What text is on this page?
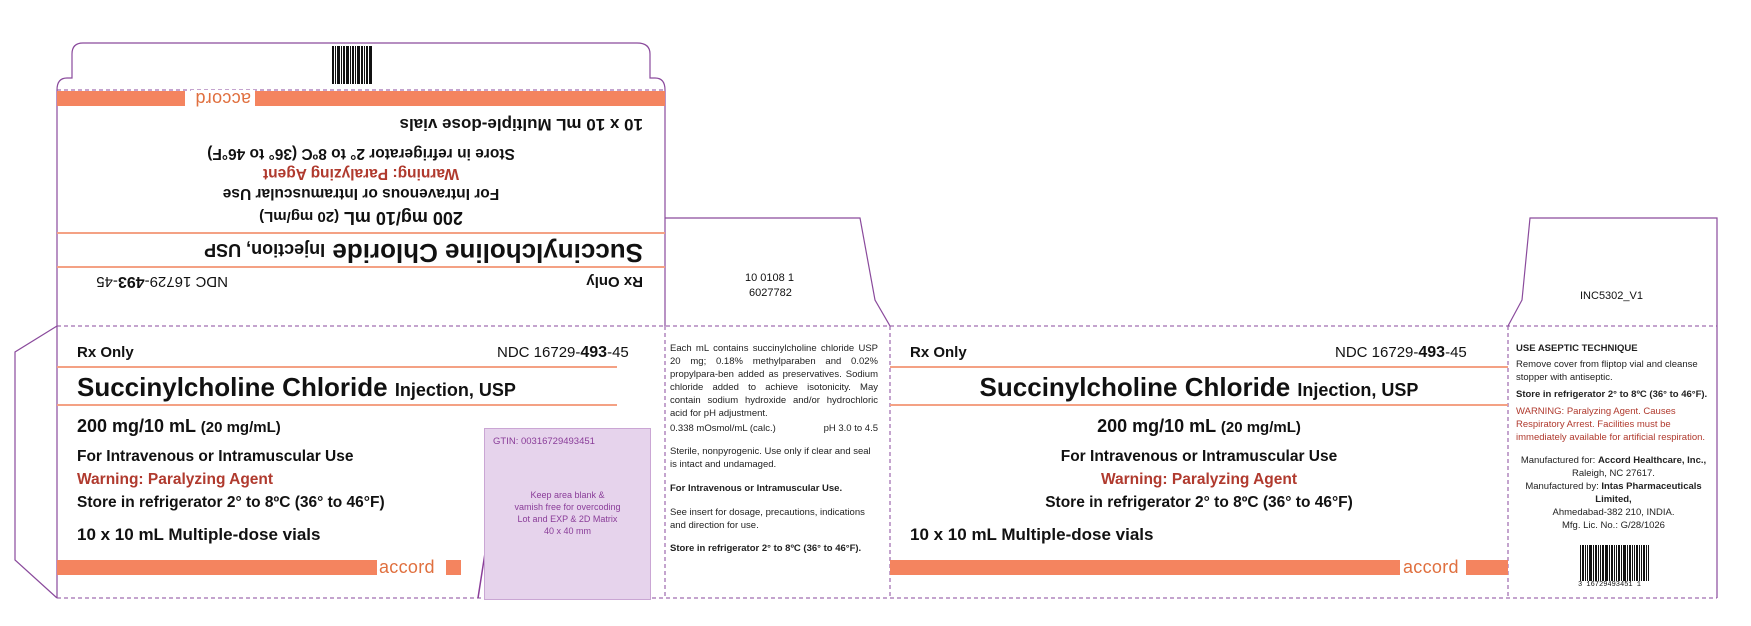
accord
Rx Only
NDC 16729-493-45
Succinylcholine Chloride Injection, USP
200 mg/10 mL (20 mg/mL)
For Intravenous or Intramuscular Use
Warning: Paralyzing Agent
Store in refrigerator 2° to 8ºC (36° to 46°F)
10 x 10 mL Multiple-dose vials
Rx Only	NDC 16729-493-45
Succinylcholine Chloride Injection, USP
200 mg/10 mL (20 mg/mL)
For Intravenous or Intramuscular Use
Warning: Paralyzing Agent
Store in refrigerator 2° to 8ºC (36° to 46°F)
10 x 10 mL Multiple-dose vials
accord
GTIN: 00316729493451
Keep area blank &
vamish free for overcoding
Lot and EXP & 2D Matrix
40 x 40 mm
10 0108 1
6027782
Each mL contains succinylcholine chloride USP 20 mg; 0.18% methylparaben and 0.02% propylpara-ben added as preservatives. Sodium chloride added to achieve isotonicity. May contain sodium hydroxide and/or hydrochloric acid for pH adjustment.
0.338 mOsmol/mL (calc.)	pH 3.0 to 4.5
Sterile, nonpyrogenic. Use only if clear and seal is intact and undamaged.
For Intravenous or Intramuscular Use.
See insert for dosage, precautions, indications and direction for use.
Store in refrigerator 2° to 8ºC (36° to 46°F).
Rx Only	NDC 16729-493-45
Succinylcholine Chloride Injection, USP
200 mg/10 mL (20 mg/mL)
For Intravenous or Intramuscular Use
Warning: Paralyzing Agent
Store in refrigerator 2° to 8ºC (36° to 46°F)
10 x 10 mL Multiple-dose vials
accord
INC5302_V1
USE ASEPTIC TECHNIQUE
Remove cover from fliptop vial and cleanse stopper with antiseptic.
Store in refrigerator 2° to 8ºC (36° to 46°F).
WARNING: Paralyzing Agent. Causes Respiratory Arrest. Facilities must be immediately available for artificial respiration.
Manufactured for: Accord Healthcare, Inc.,
Raleigh, NC 27617.
Manufactured by: Intas Pharmaceuticals Limited,
Ahmedabad-382 210, INDIA.
Mfg. Lic. No.: G/28/1026
3 16729493451 1
